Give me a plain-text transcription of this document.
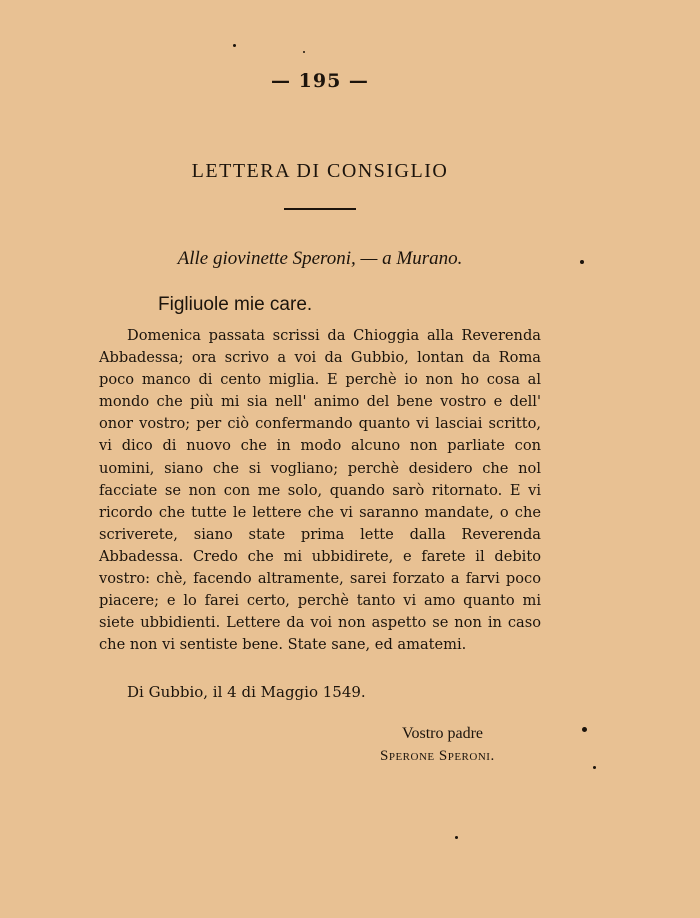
— 195 —
LETTERA DI CONSIGLIO
Alle giovinette Speroni, — a Murano.
Figliuole mie care.

Domenica passata scrissi da Chioggia alla Reverenda Abbadessa; ora scrivo a voi da Gubbio, lontan da Roma poco manco di cento miglia. E perchè io non ho cosa al mondo che più mi sia nell' animo del bene vostro e dell' onor vostro; per ciò confermando quanto vi lasciai scritto, vi dico di nuovo che in modo alcuno non parliate con uomini, siano che si vogliano; perchè desidero che nol facciate se non con me solo, quando sarò ritornato. E vi ricordo che tutte le lettere che vi saranno mandate, o che scriverete, siano state prima lette dalla Reverenda Abbadessa. Credo che mi ubbidirete, e farete il debito vostro: chè, facendo altramente, sarei forzato a farvi poco piacere; e lo farei certo, perchè tanto vi amo quanto mi siete ubbidienti. Lettere da voi non aspetto se non in caso che non vi sentiste bene. State sane, ed amatemi.

Di Gubbio, il 4 di Maggio 1549.
Vostro padre
Sperone Speroni.
